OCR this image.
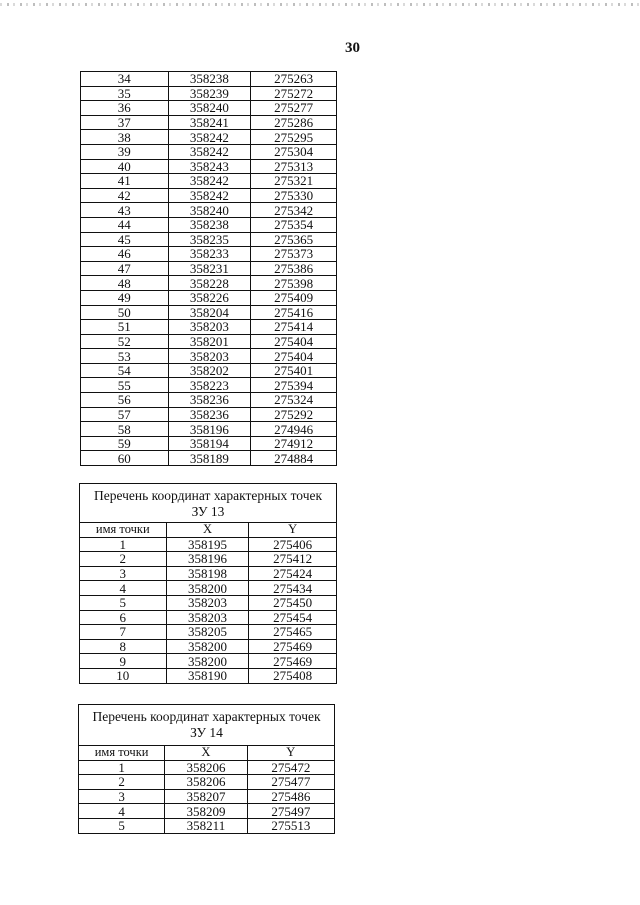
30
34	358238	275263
35	358239	275272
36	358240	275277
37	358241	275286
38	358242	275295
39	358242	275304
40	358243	275313
41	358242	275321
42	358242	275330
43	358240	275342
44	358238	275354
45	358235	275365
46	358233	275373
47	358231	275386
48	358228	275398
49	358226	275409
50	358204	275416
51	358203	275414
52	358201	275404
53	358203	275404
54	358202	275401
55	358223	275394
56	358236	275324
57	358236	275292
58	358196	274946
59	358194	274912
60	358189	274884
Перечень координат характерных точек
ЗУ 13
имя точки	X	Y
1	358195	275406
2	358196	275412
3	358198	275424
4	358200	275434
5	358203	275450
6	358203	275454
7	358205	275465
8	358200	275469
9	358200	275469
10	358190	275408
Перечень координат характерных точек
ЗУ 14
имя точки	X	Y
1	358206	275472
2	358206	275477
3	358207	275486
4	358209	275497
5	358211	275513
